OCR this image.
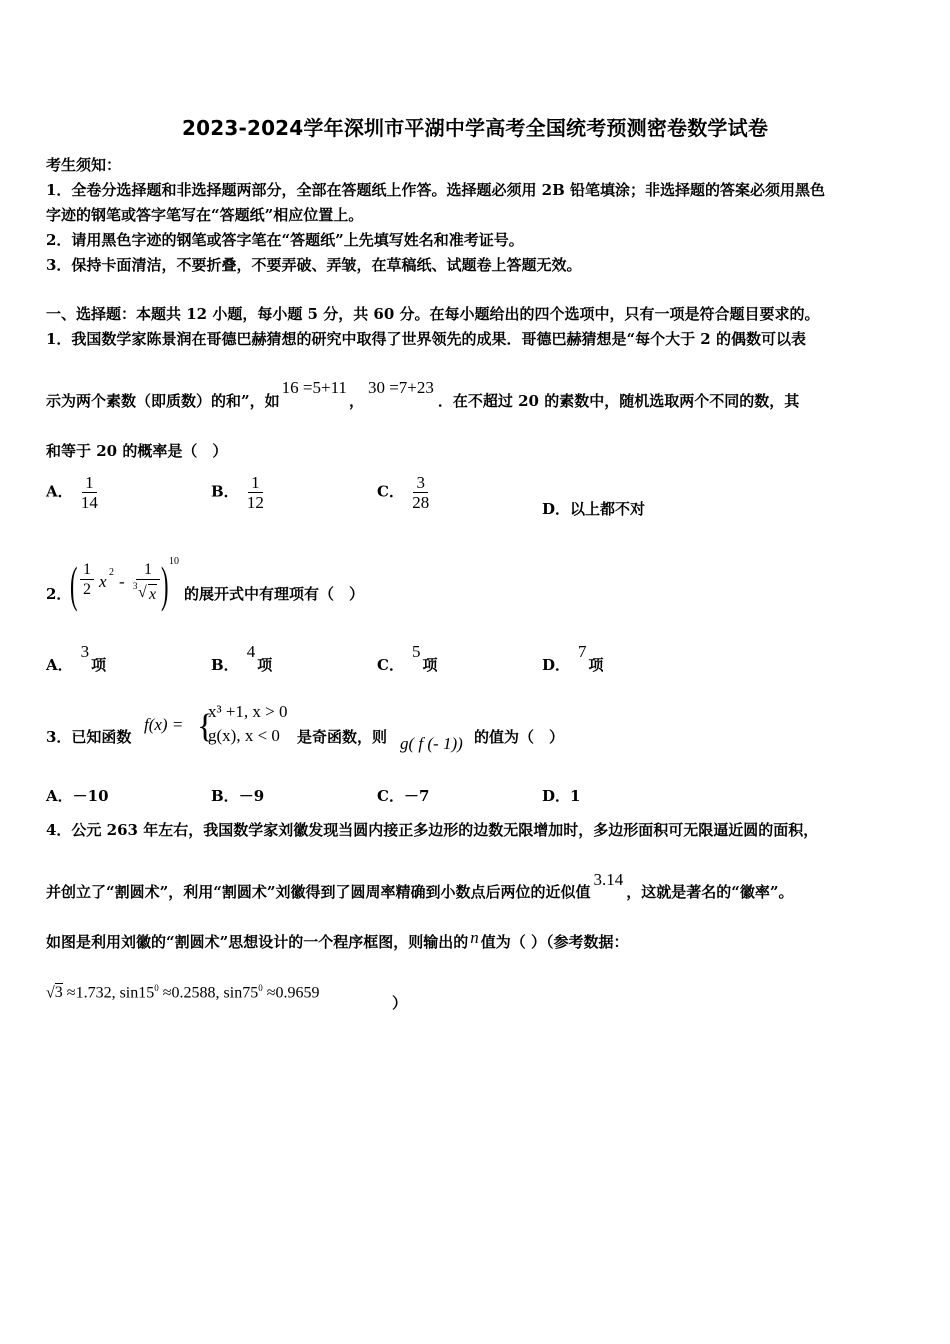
2023-2024学年深圳市平湖中学高考全国统考预测密卷数学试卷
考生须知：
1．全卷分选择题和非选择题两部分，全部在答题纸上作答。选择题必须用 2B 铅笔填涂；非选择题的答案必须用黑色
字迹的钢笔或答字笔写在“答题纸”相应位置上。
2．请用黑色字迹的钢笔或答字笔在“答题纸”上先填写姓名和准考证号。
3．保持卡面清洁，不要折叠，不要弄破、弄皱，在草稿纸、试题卷上答题无效。
一、选择题：本题共 12 小题，每小题 5 分，共 60 分。在每小题给出的四个选项中，只有一项是符合题目要求的。
1．我国数学家陈景润在哥德巴赫猜想的研究中取得了世界领先的成果．哥德巴赫猜想是“每个大于 2 的偶数可以表
示为两个素数（即质数）的和”，如16 =5+11，30 =7+23．在不超过 20 的素数中，随机选取两个不同的数，其
和等于 20 的概率是（　）
A． $\frac{1}{14}$	B． $\frac{1}{12}$	C． $\frac{3}{28}$	D．以上都不对
2．
( $\frac{1}{2}$ x 2 -
1
3 √ x ) 10
的展开式中有理项有（　）
A．3项	B．4项	C．5项	D．7项
3．已知函数
f(x) = {
x³ +1, x > 0
g(x), x < 0	是奇函数，则 g( f (- 1)) 的值为（　）
A．－10	B．－9	C．－7	D．1
4．公元 263 年左右，我国数学家刘徽发现当圆内接正多边形的边数无限增加时，多边形面积可无限逼近圆的面积，
并创立了“割圆术”，利用“割圆术”刘徽得到了圆周率精确到小数点后两位的近似值3.14，这就是著名的“徽率”。
如图是利用刘徽的“割圆术”思想设计的一个程序框图，则输出的 n 值为（ ）（参考数据：
√3 ≈1.732, $\sin 15^0 \approx 0.2588$, $\sin 75^0 \approx 0.9659$
）
